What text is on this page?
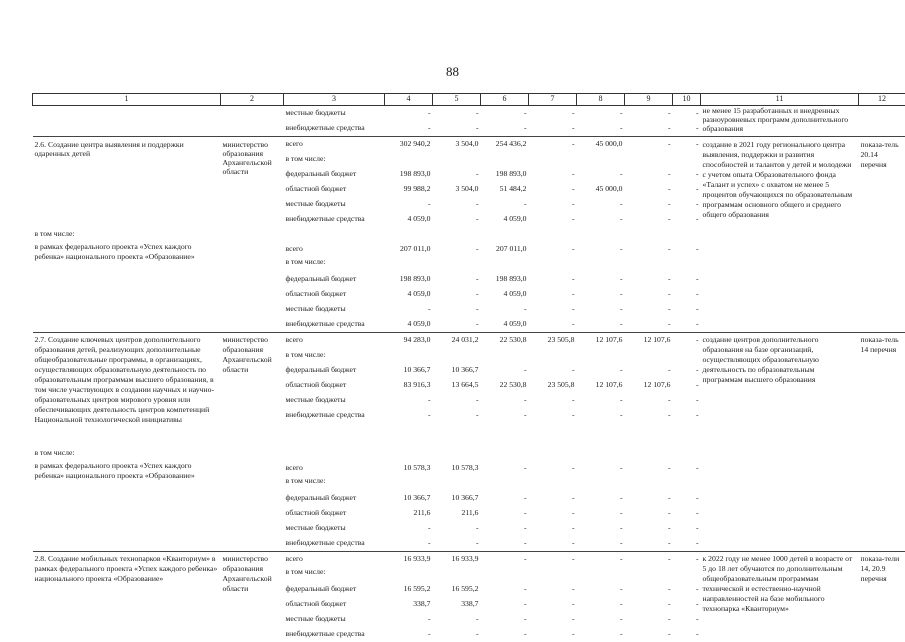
88
1	2	3	4	5	6	7	8	9	10	11	12
		местные бюджеты	-	-	-	-	-	-	-	не менее 15 разработанных и внедренных разноуровневых программ дополнительного образования	
		внебюджетные средства	-	-	-	-	-	-	-		
2.6. Создание центра выявления и поддержки одаренных детей	министерство образования Архангельской области	всего	302 940,2	3 504,0	254 436,2	-	45 000,0	-	-	создание в 2021 году регионального центра выявления, поддержки и развития способностей и талантов у детей и молодежи с учетом опыта Образовательного фонда «Талант и успех» с охватом не менее 5 процентов обучающихся по образовательным программам основного общего и среднего общего образования	показа-тель 20.14 перечня
		в том числе:									
		федеральный бюджет	198 893,0	-	198 893,0	-	-	-	-		
		областной бюджет	99 988,2	3 504,0	51 484,2	-	45 000,0	-	-		
		местные бюджеты	-	-	-	-	-	-	-		
		внебюджетные средства	4 059,0	-	4 059,0	-	-	-	-		
в том числе:											
в рамках федерального проекта «Успех каждого ребенка» национального проекта «Образование»		всего	207 011,0	-	207 011,0	-	-	-	-		
		в том числе:									
		федеральный бюджет	198 893,0	-	198 893,0	-	-	-	-		
		областной бюджет	4 059,0	-	4 059,0	-	-	-	-		
		местные бюджеты	-	-	-	-	-	-	-		
		внебюджетные средства	4 059,0	-	4 059,0	-	-	-	-		
2.7. Создание ключевых центров дополнительного образования детей, реализующих дополнительные общеобразовательные программы, в организациях, осуществляющих образовательную деятельность по образовательным программам высшего образования, в том числе участвующих в создании научных и научно-образовательных центров мирового уровня или обеспечивающих деятельность центров компетенций Национальной технологической инициативы	министерство образования Архангельской области	всего	94 283,0	24 031,2	22 530,8	23 505,8	12 107,6	12 107,6	-	создание центров дополнительного образования на базе организаций, осуществляющих образовательную деятельность по образовательным программам высшего образования	показа-тель 14 перечня
		в том числе:									
		федеральный бюджет	10 366,7	10 366,7	-	-	-	-	-		
		областной бюджет	83 916,3	13 664,5	22 530,8	23 505,8	12 107,6	12 107,6	-		
		местные бюджеты	-	-	-	-	-	-	-		
		внебюджетные средства	-	-	-	-	-	-	-		
в том числе:											
в рамках федерального проекта «Успех каждого ребенка» национального проекта «Образование»		всего	10 578,3	10 578,3	-	-	-	-	-		
		в том числе:									
		федеральный бюджет	10 366,7	10 366,7	-	-	-	-	-		
		областной бюджет	211,6	211,6	-	-	-	-	-		
		местные бюджеты	-	-	-	-	-	-	-		
		внебюджетные средства	-	-	-	-	-	-	-		
2.8. Создание мобильных технопарков «Кванториум» в рамках федерального проекта «Успех каждого ребенка» национального проекта «Образование»	министерство образования Архангельской области	всего	16 933,9	16 933,9	-	-	-	-	-	к 2022 году не менее 1000 детей в возрасте от 5 до 18 лет обучаются по дополнительным общеобразовательным программам технической и естественно-научной направленностей на базе мобильного технопарка «Кванториум»	показа-тели 14, 20.9 перечня
		в том числе:									
		федеральный бюджет	16 595,2	16 595,2	-	-	-	-	-		
		областной бюджет	338,7	338,7	-	-	-	-	-		
		местные бюджеты	-	-	-	-	-	-	-		
		внебюджетные средства	-	-	-	-	-	-	-		
